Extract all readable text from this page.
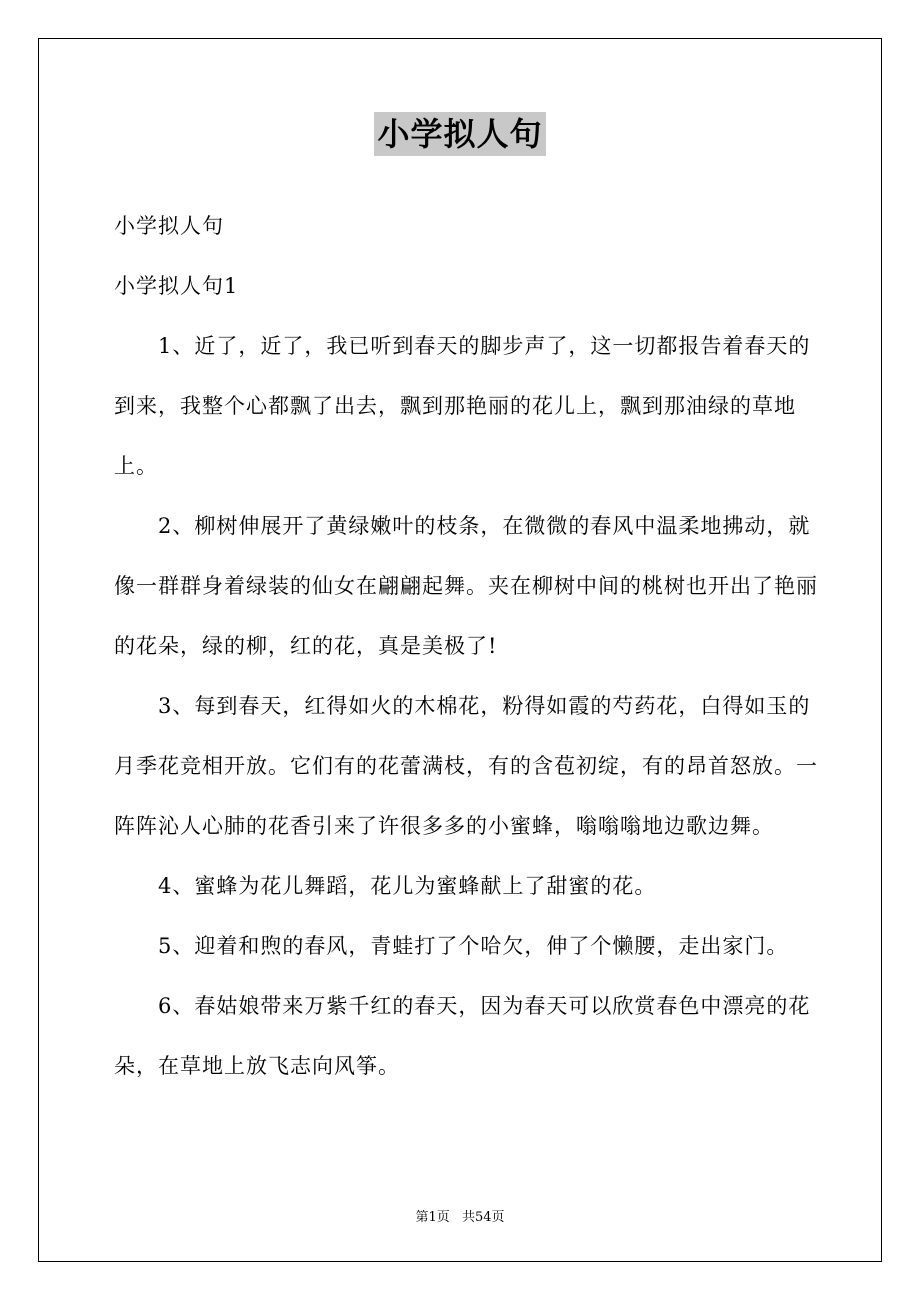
小学拟人句

小学拟人句

小学拟人句1

1、近了，近了，我已听到春天的脚步声了，这一切都报告着春天的到来，我整个心都飘了出去，飘到那艳丽的花儿上，飘到那油绿的草地上。

2、柳树伸展开了黄绿嫩叶的枝条，在微微的春风中温柔地拂动，就像一群群身着绿装的仙女在翩翩起舞。夹在柳树中间的桃树也开出了艳丽的花朵，绿的柳，红的花，真是美极了!

3、每到春天，红得如火的木棉花，粉得如霞的芍药花，白得如玉的月季花竞相开放。它们有的花蕾满枝，有的含苞初绽，有的昂首怒放。一阵阵沁人心肺的花香引来了许很多多的小蜜蜂，嗡嗡嗡地边歌边舞。

4、蜜蜂为花儿舞蹈，花儿为蜜蜂献上了甜蜜的花。

5、迎着和煦的春风，青蛙打了个哈欠，伸了个懒腰，走出家门。

6、春姑娘带来万紫千红的春天，因为春天可以欣赏春色中漂亮的花朵，在草地上放飞志向风筝。

第1页 共54页
